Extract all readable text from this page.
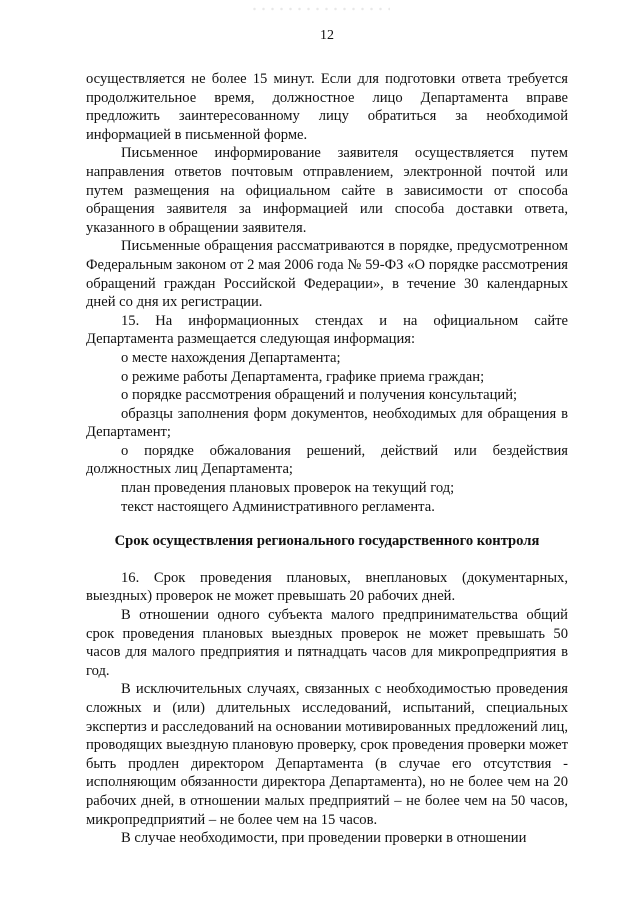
12

осуществляется не более 15 минут. Если для подготовки ответа требуется продолжительное время, должностное лицо Департамента вправе предложить заинтересованному лицу обратиться за необходимой информацией в письменной форме.

Письменное информирование заявителя осуществляется путем направления ответов почтовым отправлением, электронной почтой или путем размещения на официальном сайте в зависимости от способа обращения заявителя за информацией или способа доставки ответа, указанного в обращении заявителя.

Письменные обращения рассматриваются в порядке, предусмотренном Федеральным законом от 2 мая 2006 года № 59-ФЗ «О порядке рассмотрения обращений граждан Российской Федерации», в течение 30 календарных дней со дня их регистрации.

15. На информационных стендах и на официальном сайте Департамента размещается следующая информация:

о месте нахождения Департамента;

о режиме работы Департамента, графике приема граждан;

о порядке рассмотрения обращений и получения консультаций;

образцы заполнения форм документов, необходимых для обращения в Департамент;

о порядке обжалования решений, действий или бездействия должностных лиц Департамента;

план проведения плановых проверок на текущий год;

текст настоящего Административного регламента.

Срок осуществления регионального государственного контроля

16. Срок проведения плановых, внеплановых (документарных, выездных) проверок не может превышать 20 рабочих дней.

В отношении одного субъекта малого предпринимательства общий срок проведения плановых выездных проверок не может превышать 50 часов для малого предприятия и пятнадцать часов для микропредприятия в год.

В исключительных случаях, связанных с необходимостью проведения сложных и (или) длительных исследований, испытаний, специальных экспертиз и расследований на основании мотивированных предложений лиц, проводящих выездную плановую проверку, срок проведения проверки может быть продлен директором Департамента (в случае его отсутствия - исполняющим обязанности директора Департамента), но не более чем на 20 рабочих дней, в отношении малых предприятий – не более чем на 50 часов, микропредприятий – не более чем на 15 часов.

В случае необходимости, при проведении проверки в отношении
